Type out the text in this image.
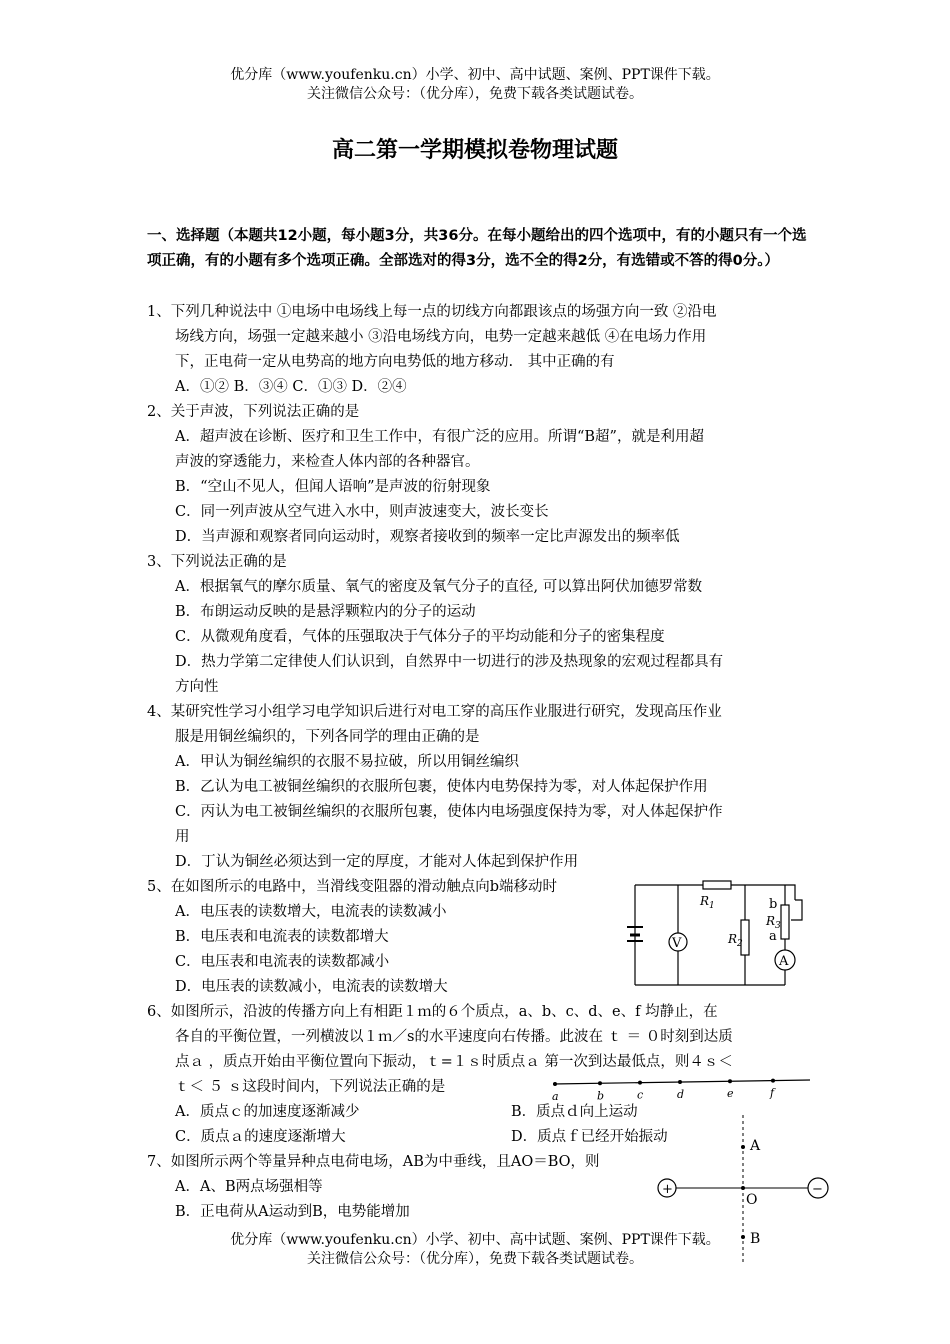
优分库（www.youfenku.cn）小学、初中、高中试题、案例、PPT课件下载。
关注微信公众号：（优分库），免费下载各类试题试卷。
高二第一学期模拟卷物理试题
一、选择题（本题共12小题，每小题3分，共36分。在每小题给出的四个选项中，有的小题只有一个选项正确，有的小题有多个选项正确。全部选对的得3分，选不全的得2分，有选错或不答的得0分。）
1、下列几种说法中 ①电场中电场线上每一点的切线方向都跟该点的场强方向一致 ②沿电
场线方向，场强一定越来越小 ③沿电场线方向，电势一定越来越低 ④在电场力作用
下，正电荷一定从电势高的地方向电势低的地方移动.　其中正确的有
A．①② B．③④ C．①③ D．②④
2、关于声波，下列说法正确的是
A．超声波在诊断、医疗和卫生工作中，有很广泛的应用。所谓“B超”，就是利用超
声波的穿透能力，来检查人体内部的各种器官。
B．“空山不见人，但闻人语响”是声波的衍射现象
C．同一列声波从空气进入水中，则声波速变大，波长变长
D．当声源和观察者同向运动时，观察者接收到的频率一定比声源发出的频率低
3、下列说法正确的是
A．根据氧气的摩尔质量、氧气的密度及氧气分子的直径, 可以算出阿伏加德罗常数
B．布朗运动反映的是悬浮颗粒内的分子的运动
C．从微观角度看，气体的压强取决于气体分子的平均动能和分子的密集程度
D．热力学第二定律使人们认识到，自然界中一切进行的涉及热现象的宏观过程都具有
方向性
4、某研究性学习小组学习电学知识后进行对电工穿的高压作业服进行研究，发现高压作业
服是用铜丝编织的，下列各同学的理由正确的是
A．甲认为铜丝编织的衣服不易拉破，所以用铜丝编织
B．乙认为电工被铜丝编织的衣服所包裹，使体内电势保持为零，对人体起保护作用
C．丙认为电工被铜丝编织的衣服所包裹，使体内电场强度保持为零，对人体起保护作
用
D．丁认为铜丝必须达到一定的厚度，才能对人体起到保护作用
5、在如图所示的电路中，当滑线变阻器的滑动触点向b端移动时
A．电压表的读数增大，电流表的读数减小
B．电压表和电流表的读数都增大
C．电压表和电流表的读数都减小
D．电压表的读数减小，电流表的读数增大
V
A
$R_1$
$R_2$
$R_3$
b
a
6、如图所示，沿波的传播方向上有相距１ｍ的６个质点，a、b、c、d、e、f 均静止，在
各自的平衡位置，一列横波以１ｍ／s的水平速度向右传播。此波在 ｔ ＝ ０时刻到达质
点ａ ，质点开始由平衡位置向下振动，ｔ=１ｓ时质点ａ 第一次到达最低点，则４ｓ＜
ｔ＜ ５ ｓ这段时间内，下列说法正确的是
A．质点ｃ的加速度逐渐减少	B．质点ｄ向上运动
C．质点ａ的速度逐渐增大	D．质点ｆ已经开始振动
a	b	c	d	e	f
7、如图所示两个等量异种点电荷电场，AB为中垂线，且AO＝BO，则
A．A、B两点场强相等
B．正电荷从A运动到B，电势能增加
+	−
A
O
B
优分库（www.youfenku.cn）小学、初中、高中试题、案例、PPT课件下载。
关注微信公众号：（优分库），免费下载各类试题试卷。
